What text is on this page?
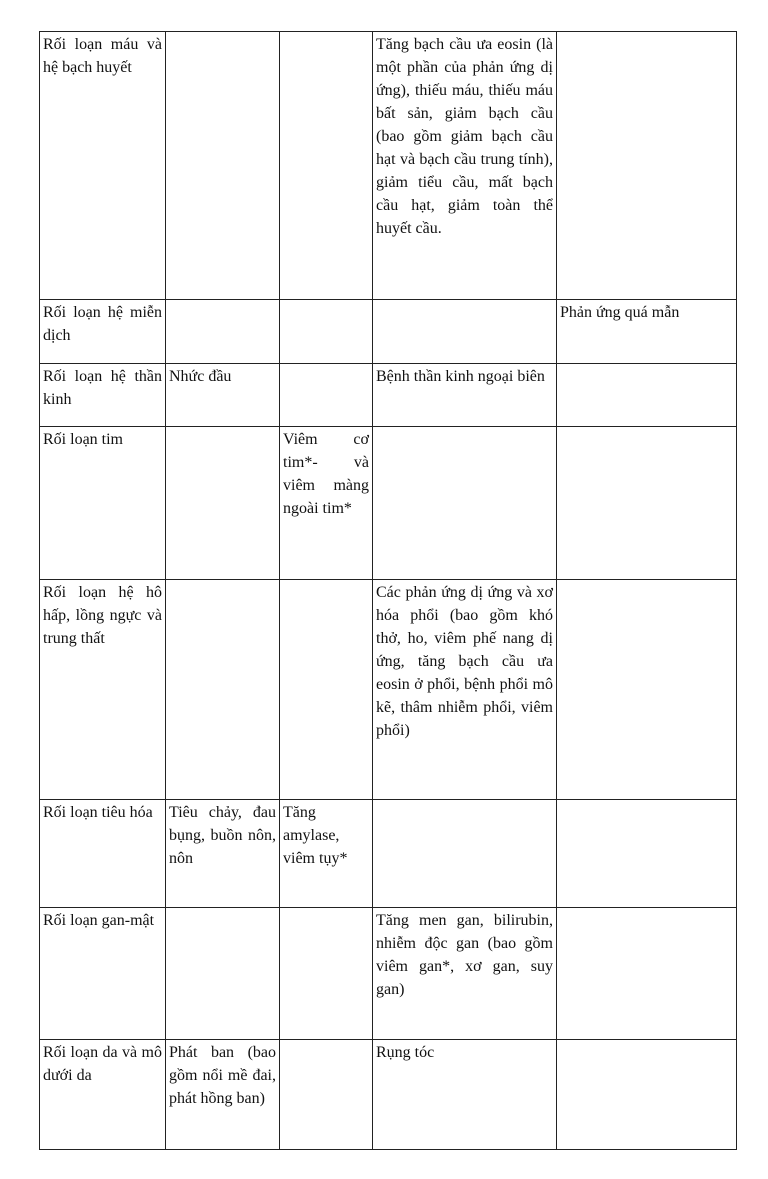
Rối loạn máu và hệ bạch huyết			Tăng bạch cầu ưa eosin (là một phần của phản ứng dị ứng), thiếu máu, thiếu máu bất sản, giảm bạch cầu (bao gồm giảm bạch cầu hạt và bạch cầu trung tính), giảm tiểu cầu, mất bạch cầu hạt, giảm toàn thể huyết cầu.	
Rối loạn hệ miễn dịch				Phản ứng quá mẫn
Rối loạn hệ thần kinh	Nhức đầu		Bệnh thần kinh ngoại biên	
Rối loạn tim		Viêm cơ tim*- và viêm màng ngoài tim*		
Rối loạn hệ hô hấp, lồng ngực và trung thất			Các phản ứng dị ứng và xơ hóa phổi (bao gồm khó thở, ho, viêm phế nang dị ứng, tăng bạch cầu ưa eosin ở phổi, bệnh phổi mô kẽ, thâm nhiễm phổi, viêm phổi)	
Rối loạn tiêu hóa	Tiêu chảy, đau bụng, buồn nôn, nôn	Tăng amylase, viêm tụy*		
Rối loạn gan-mật			Tăng men gan, bilirubin, nhiễm độc gan (bao gồm viêm gan*, xơ gan, suy gan)	
Rối loạn da và mô dưới da	Phát ban (bao gồm nổi mề đai, phát hồng ban)		Rụng tóc	
